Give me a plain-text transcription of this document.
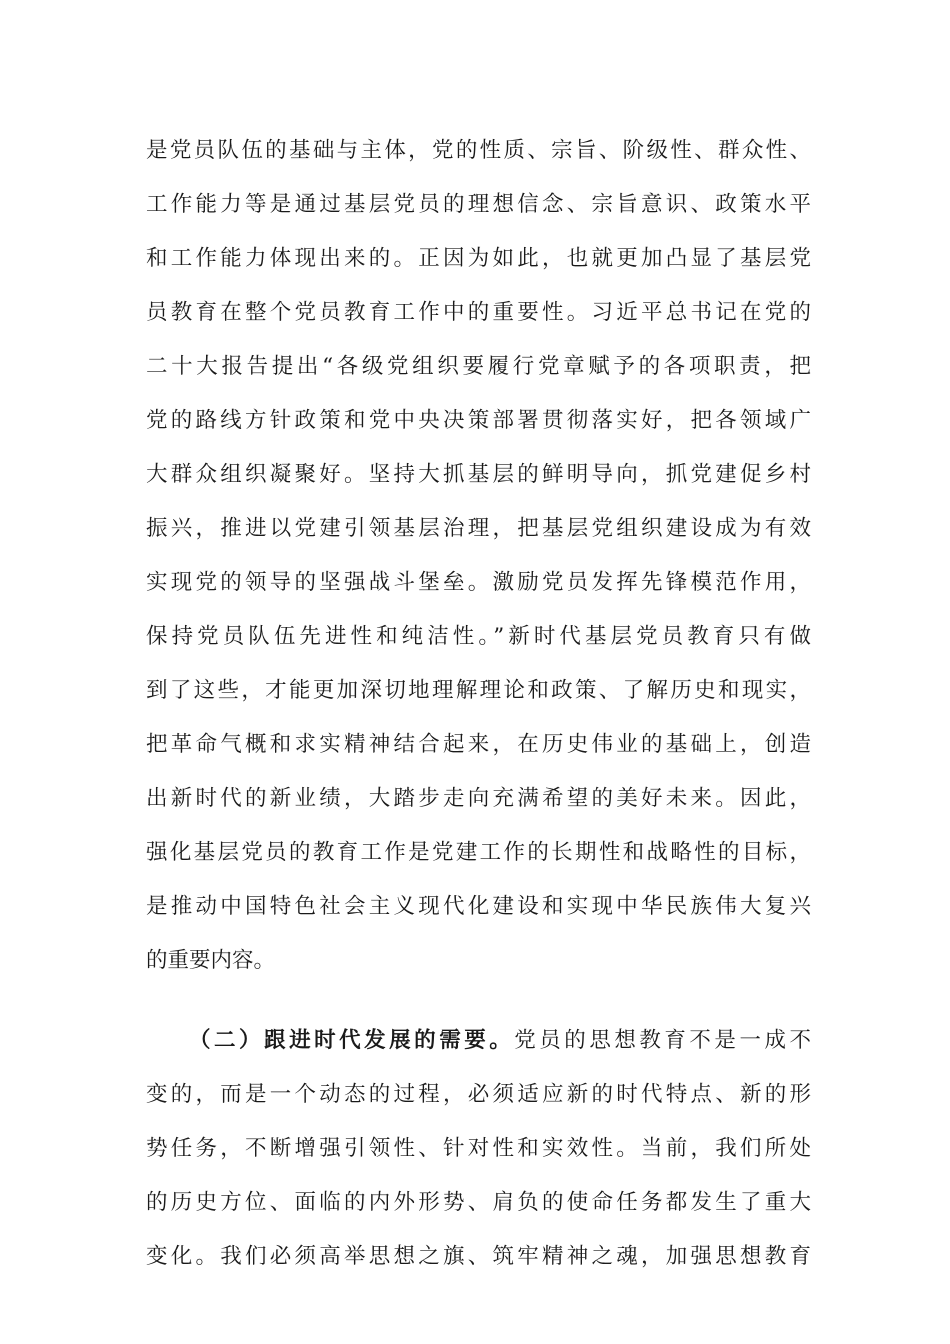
是党员队伍的基础与主体，党的性质、宗旨、阶级性、群众性、
工作能力等是通过基层党员的理想信念、宗旨意识、政策水平
和工作能力体现出来的。正因为如此，也就更加凸显了基层党
员教育在整个党员教育工作中的重要性。习近平总书记在党的
二十大报告提出“各级党组织要履行党章赋予的各项职责，把
党的路线方针政策和党中央决策部署贯彻落实好，把各领域广
大群众组织凝聚好。坚持大抓基层的鲜明导向，抓党建促乡村
振兴，推进以党建引领基层治理，把基层党组织建设成为有效
实现党的领导的坚强战斗堡垒。激励党员发挥先锋模范作用，
保持党员队伍先进性和纯洁性。”新时代基层党员教育只有做
到了这些，才能更加深切地理解理论和政策、了解历史和现实，
把革命气概和求实精神结合起来，在历史伟业的基础上，创造
出新时代的新业绩，大踏步走向充满希望的美好未来。因此，
强化基层党员的教育工作是党建工作的长期性和战略性的目标，
是推动中国特色社会主义现代化建设和实现中华民族伟大复兴
的重要内容。
（二）跟进时代发展的需要。党员的思想教育不是一成不
变的，而是一个动态的过程，必须适应新的时代特点、新的形
势任务，不断增强引领性、针对性和实效性。当前，我们所处
的历史方位、面临的内外形势、肩负的使命任务都发生了重大
变化。我们必须高举思想之旗、筑牢精神之魂，加强思想教育
